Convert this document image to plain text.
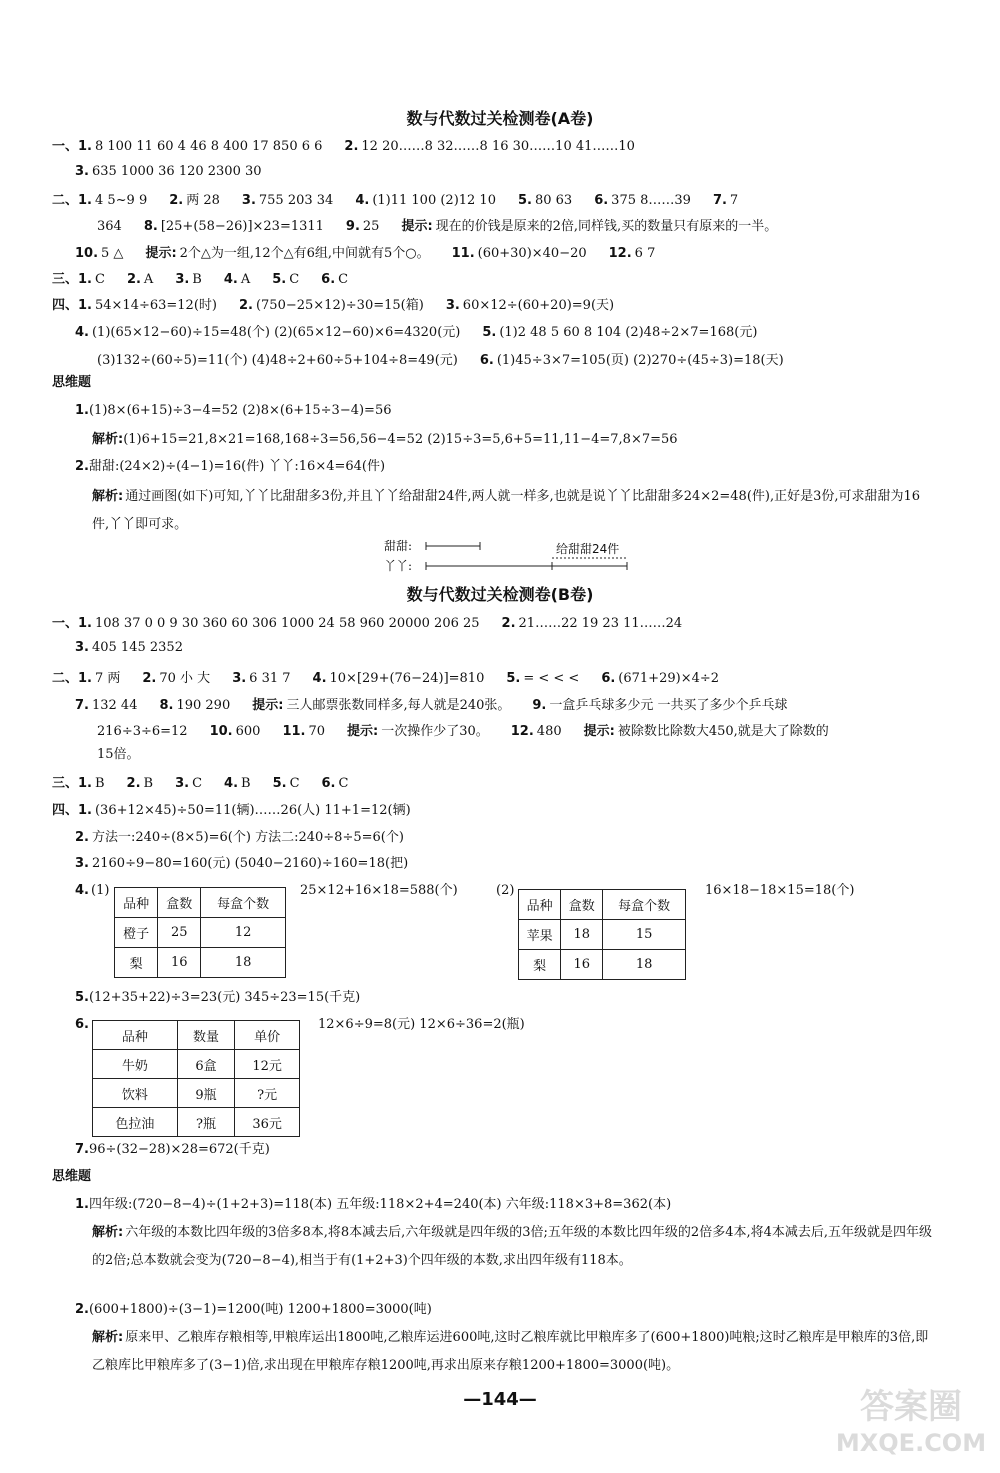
数与代数过关检测卷(A卷)
一、1. 8 100 11 60 4 46 8 400 17 850 6 6 2. 12 20……8 32……8 16 30……10 41……10
3. 635 1000 36 120 2300 30
二、1. 4 5~9 9 2. 两 28 3. 755 203 34 4. (1)11 100 (2)12 10 5. 80 63 6. 375 8……39 7. 7
364 8. [25+(58−26)]×23=1311 9. 25 提示: 现在的价钱是原来的2倍,同样钱,买的数量只有原来的一半。
10. 5 △ 提示: 2个△为一组,12个△有6组,中间就有5个○。 11. (60+30)×40−20 12. 6 7
三、1. C 2. A 3. B 4. A 5. C 6. C
四、1. 54×14÷63=12(时) 2. (750−25×12)÷30=15(箱) 3. 60×12÷(60+20)=9(天)
4. (1)(65×12−60)÷15=48(个) (2)(65×12−60)×6=4320(元) 5. (1)2 48 5 60 8 104 (2)48÷2×7=168(元)
(3)132÷(60÷5)=11(个) (4)48÷2+60÷5+104÷8=49(元) 6. (1)45÷3×7=105(页) (2)270÷(45÷3)=18(天)
思维题
1.(1)8×(6+15)÷3−4=52 (2)8×(6+15÷3−4)=56
解析:(1)6+15=21,8×21=168,168÷3=56,56−4=52 (2)15÷3=5,6+5=11,11−4=7,8×7=56
2.甜甜:(24×2)÷(4−1)=16(件) 丫丫:16×4=64(件)
解析: 通过画图(如下)可知,丫丫比甜甜多3份,并且丫丫给甜甜24件,两人就一样多,也就是说丫丫比甜甜多24×2=48(件),正好是3份,可求甜甜为16件,丫丫即可求。
甜甜:
丫丫:
给甜甜24件
数与代数过关检测卷(B卷)
一、1. 108 37 0 0 9 30 360 60 306 1000 24 58 960 20000 206 25 2. 21……22 19 23 11……24
3. 405 145 2352
二、1. 7 两 2. 70 小 大 3. 6 31 7 4. 10×[29+(76−24)]=810 5. = < < < 6. (671+29)×4÷2
7. 132 44 8. 190 290 提示: 三人邮票张数同样多,每人就是240张。 9. 一盒乒乓球多少元 一共买了多少个乒乓球
216÷3÷6=12 10. 600 11. 70 提示: 一次操作少了30。 12. 480 提示: 被除数比除数大450,就是大了除数的
15倍。
三、1. B 2. B 3. C 4. B 5. C 6. C
四、1. (36+12×45)÷50=11(辆)……26(人) 11+1=12(辆)
2. 方法一:240÷(8×5)=6(个) 方法二:240÷8÷5=6(个)
3. 2160÷9−80=160(元) (5040−2160)÷160=18(把)
4. (1)
品种	盒数	每盒个数
橙子	25	12
梨	16	18
25×12+16×18=588(个)	(2)
品种	盒数	每盒个数
苹果	18	15
梨	16	18
16×18−18×15=18(个)
5.(12+35+22)÷3=23(元) 345÷23=15(千克)
6.
品种	数量	单价
牛奶	6盒	12元
饮料	9瓶	?元
色拉油	?瓶	36元
12×6÷9=8(元) 12×6÷36=2(瓶)
7.96÷(32−28)×28=672(千克)
思维题
1.四年级:(720−8−4)÷(1+2+3)=118(本) 五年级:118×2+4=240(本) 六年级:118×3+8=362(本)
解析: 六年级的本数比四年级的3倍多8本,将8本减去后,六年级就是四年级的3倍;五年级的本数比四年级的2倍多4本,将4本减去后,五年级就是四年级的2倍;总本数就会变为(720−8−4),相当于有(1+2+3)个四年级的本数,求出四年级有118本。
2.(600+1800)÷(3−1)=1200(吨) 1200+1800=3000(吨)
解析: 原来甲、乙粮库存粮相等,甲粮库运出1800吨,乙粮库运进600吨,这时乙粮库就比甲粮库多了(600+1800)吨粮;这时乙粮库是甲粮库的3倍,即乙粮库比甲粮库多了(3−1)倍,求出现在甲粮库存粮1200吨,再求出原来存粮1200+1800=3000(吨)。
—144—	答案圈
MXQE.COM
